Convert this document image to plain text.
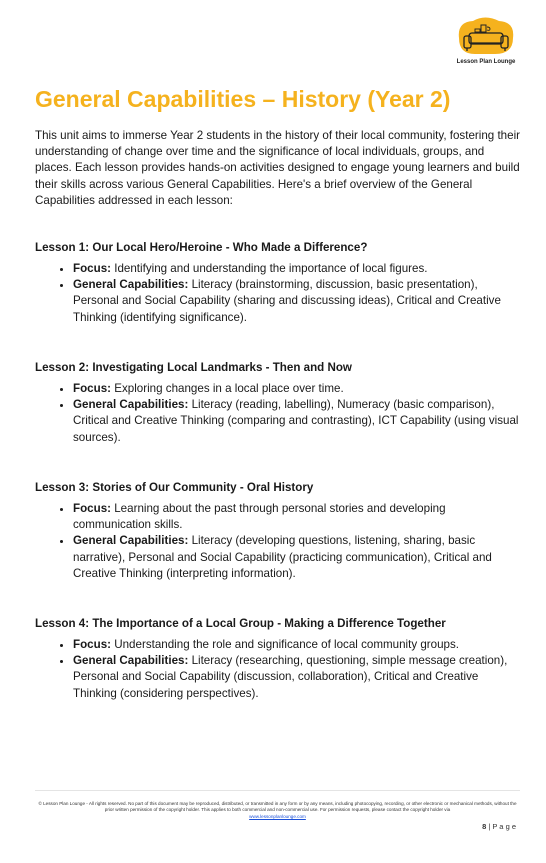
Lesson Plan Lounge
General Capabilities – History (Year 2)

This unit aims to immerse Year 2 students in the history of their local community, fostering their understanding of change over time and the significance of local individuals, groups, and places. Each lesson provides hands-on activities designed to engage young learners and build their skills across various General Capabilities. Here's a brief overview of the General Capabilities addressed in each lesson:

Lesson 1: Our Local Hero/Heroine - Who Made a Difference?
• Focus: Identifying and understanding the importance of local figures.
• General Capabilities: Literacy (brainstorming, discussion, basic presentation), Personal and Social Capability (sharing and discussing ideas), Critical and Creative Thinking (identifying significance).
Lesson 2: Investigating Local Landmarks - Then and Now
• Focus: Exploring changes in a local place over time.
• General Capabilities: Literacy (reading, labelling), Numeracy (basic comparison), Critical and Creative Thinking (comparing and contrasting), ICT Capability (using visual sources).
Lesson 3: Stories of Our Community - Oral History
• Focus: Learning about the past through personal stories and developing communication skills.
• General Capabilities: Literacy (developing questions, listening, sharing, basic narrative), Personal and Social Capability (practicing communication), Critical and Creative Thinking (interpreting information).
Lesson 4: The Importance of a Local Group - Making a Difference Together
• Focus: Understanding the role and significance of local community groups.
• General Capabilities: Literacy (researching, questioning, simple message creation), Personal and Social Capability (discussion, collaboration), Critical and Creative Thinking (considering perspectives).
© Lesson Plan Lounge - All rights reserved. No part of this document may be reproduced, distributed, or transmitted in any form or by any means, including photocopying, recording, or other electronic or mechanical methods, without the prior written permission of the copyright holder. This applies to both commercial and non-commercial use. For permission requests, please contact the copyright holder via
www.lessonplanlounge.com
8 | P a g e
